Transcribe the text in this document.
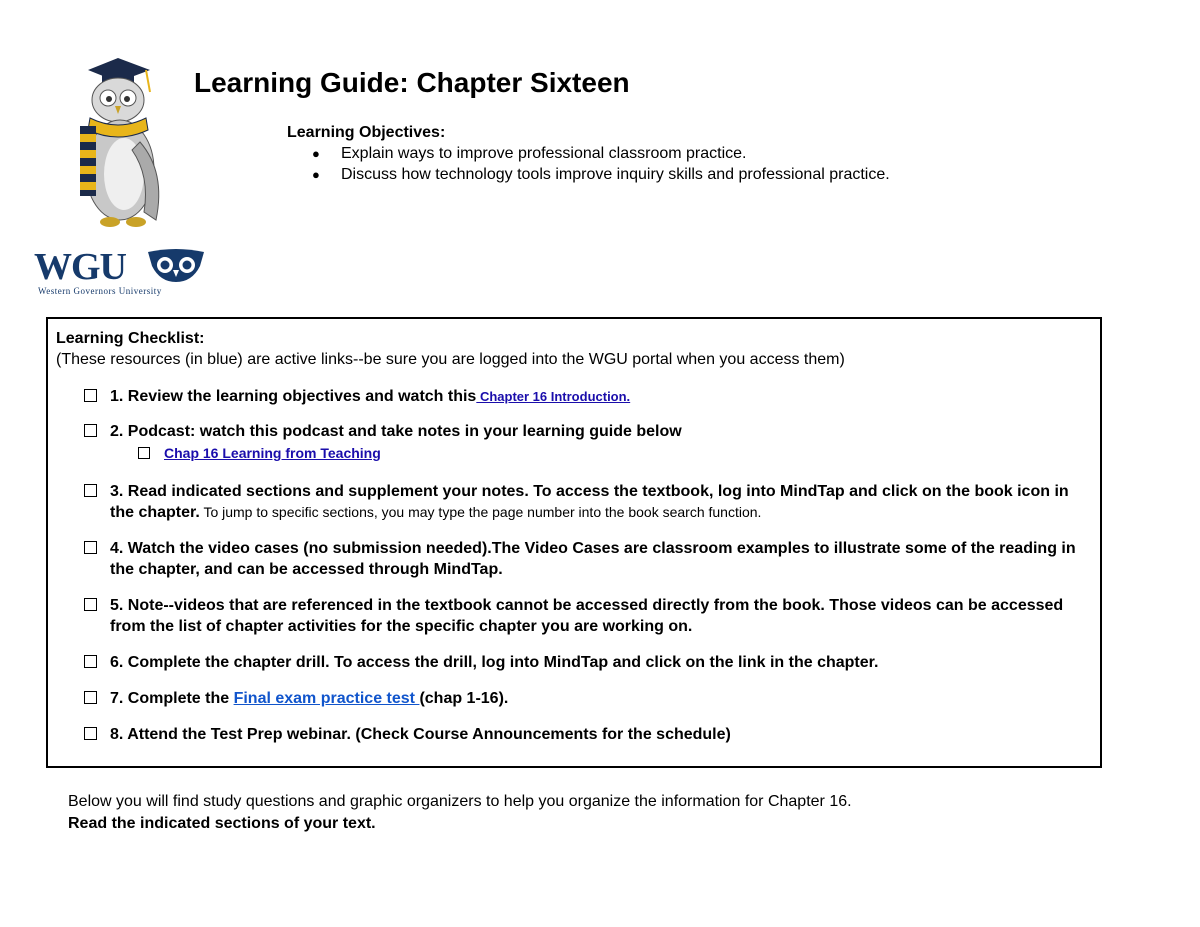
WGU
Western Governors University
Learning Guide: Chapter Sixteen
Learning Objectives:
● Explain ways to improve professional classroom practice.
● Discuss how technology tools improve inquiry skills and professional practice.
Learning Checklist:
(These resources (in blue) are active links--be sure you are logged into the WGU portal when you access them)
1. Review the learning objectives and watch this Chapter 16 Introduction.
2. Podcast: watch this podcast and take notes in your learning guide below
Chap 16 Learning from Teaching
3. Read indicated sections and supplement your notes. To access the textbook, log into MindTap and click on the book icon in the chapter. To jump to specific sections, you may type the page number into the book search function.
4. Watch the video cases (no submission needed).The Video Cases are classroom examples to illustrate some of the reading in the chapter, and can be accessed through MindTap.
5. Note--videos that are referenced in the textbook cannot be accessed directly from the book. Those videos can be accessed from the list of chapter activities for the specific chapter you are working on.
6. Complete the chapter drill. To access the drill, log into MindTap and click on the link in the chapter.
7. Complete the Final exam practice test (chap 1-16).
8. Attend the Test Prep webinar. (Check Course Announcements for the schedule)
Below you will find study questions and graphic organizers to help you organize the information for Chapter 16.
Read the indicated sections of your text.
